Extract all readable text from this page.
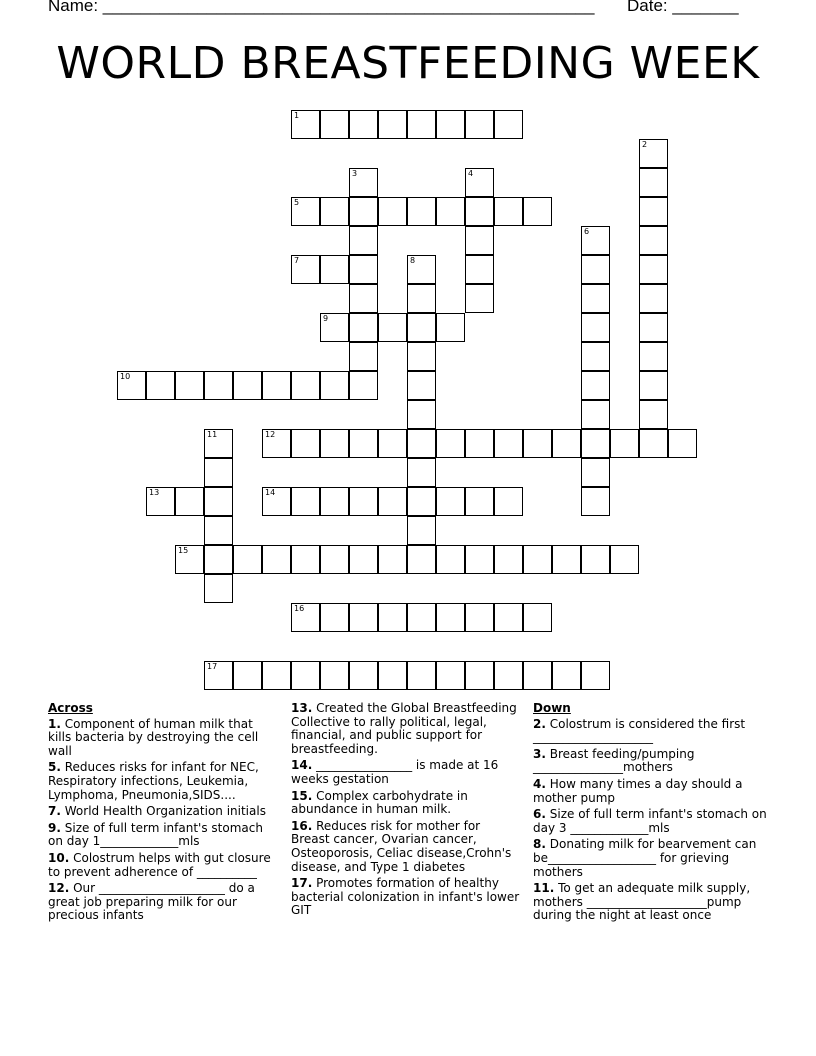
Name: ____________________________________________________ Date: _______
WORLD BREASTFEEDING WEEK
1
2
3	4
5
6
7	8
9
10
11	12
13	14
15
16
17
Across
1. Component of human milk that kills bacteria by destroying the cell wall
5. Reduces risks for infant for NEC, Respiratory infections, Leukemia, Lymphoma, Pneumonia,SIDS....
7. World Health Organization initials
9. Size of full term infant's stomach on day 1_____________mls
10. Colostrum helps with gut closure to prevent adherence of __________
12. Our _____________________ do a great job preparing milk for our precious infants
13. Created the Global Breastfeeding Collective to rally political, legal, financial, and public support for breastfeeding.
14. ________________ is made at 16 weeks gestation
15. Complex carbohydrate in abundance in human milk.
16. Reduces risk for mother for Breast cancer, Ovarian cancer, Osteoporosis, Celiac disease,Crohn's disease, and Type 1 diabetes
17. Promotes formation of healthy bacterial colonization in infant's lower GIT
Down
2. Colostrum is considered the first ____________________
3. Breast feeding/pumping _______________mothers
4. How many times a day should a mother pump
6. Size of full term infant's stomach on day 3 _____________mls
8. Donating milk for bearvement can be__________________ for grieving mothers
11. To get an adequate milk supply, mothers ____________________pump during the night at least once
